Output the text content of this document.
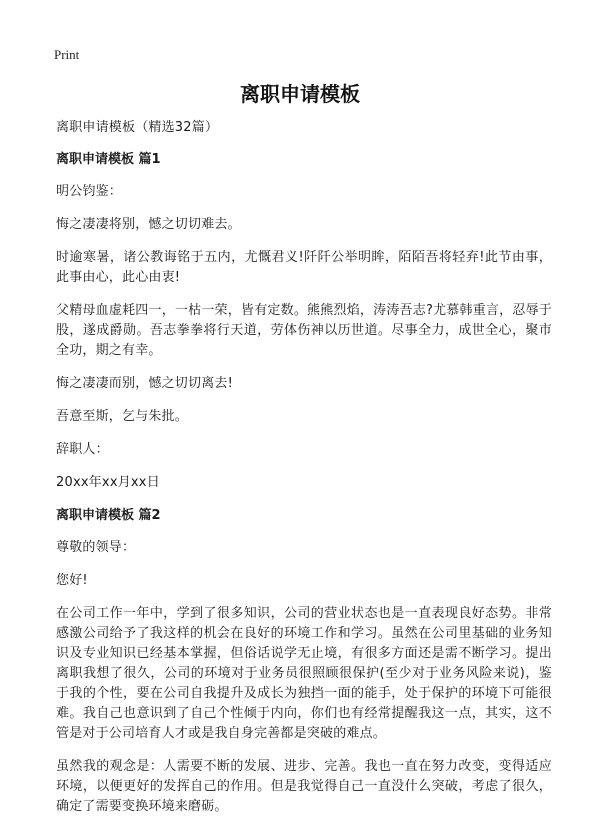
Print
离职申请模板
离职申请模板（精选32篇）
离职申请模板 篇1
明公钧鉴：
悔之凄凄将别，憾之切切难去。
时逾寒暑，诸公教诲铭于五内，尤慨君义!阡阡公举明眸，陌陌吾将轻弃!此节由事，此事由心，此心由衷!
父精母血虚耗四一，一枯一荣，皆有定数。熊熊烈焰，涛涛吾志?尤慕韩重言，忍辱于股，遂成爵勋。吾志拳拳将行天道，劳体伤神以历世道。尽事全力，成世全心，聚市全功，期之有幸。
悔之凄凄而别，憾之切切离去!
吾意至斯，乞与朱批。
辞职人：
20xx年xx月xx日
离职申请模板 篇2
尊敬的领导：
您好!
在公司工作一年中，学到了很多知识，公司的营业状态也是一直表现良好态势。非常感激公司给予了我这样的机会在良好的环境工作和学习。虽然在公司里基础的业务知识及专业知识已经基本掌握，但俗话说学无止境，有很多方面还是需不断学习。提出离职我想了很久，公司的环境对于业务员很照顾很保护(至少对于业务风险来说)，鉴于我的个性，要在公司自我提升及成长为独挡一面的能手，处于保护的环境下可能很难。我自己也意识到了自己个性倾于内向，你们也有经常提醒我这一点，其实，这不管是对于公司培育人才或是我自身完善都是突破的难点。
虽然我的观念是：人需要不断的发展、进步、完善。我也一直在努力改变，变得适应环境，以便更好的发挥自己的作用。但是我觉得自己一直没什么突破，考虑了很久，确定了需要变换环境来磨砺。
